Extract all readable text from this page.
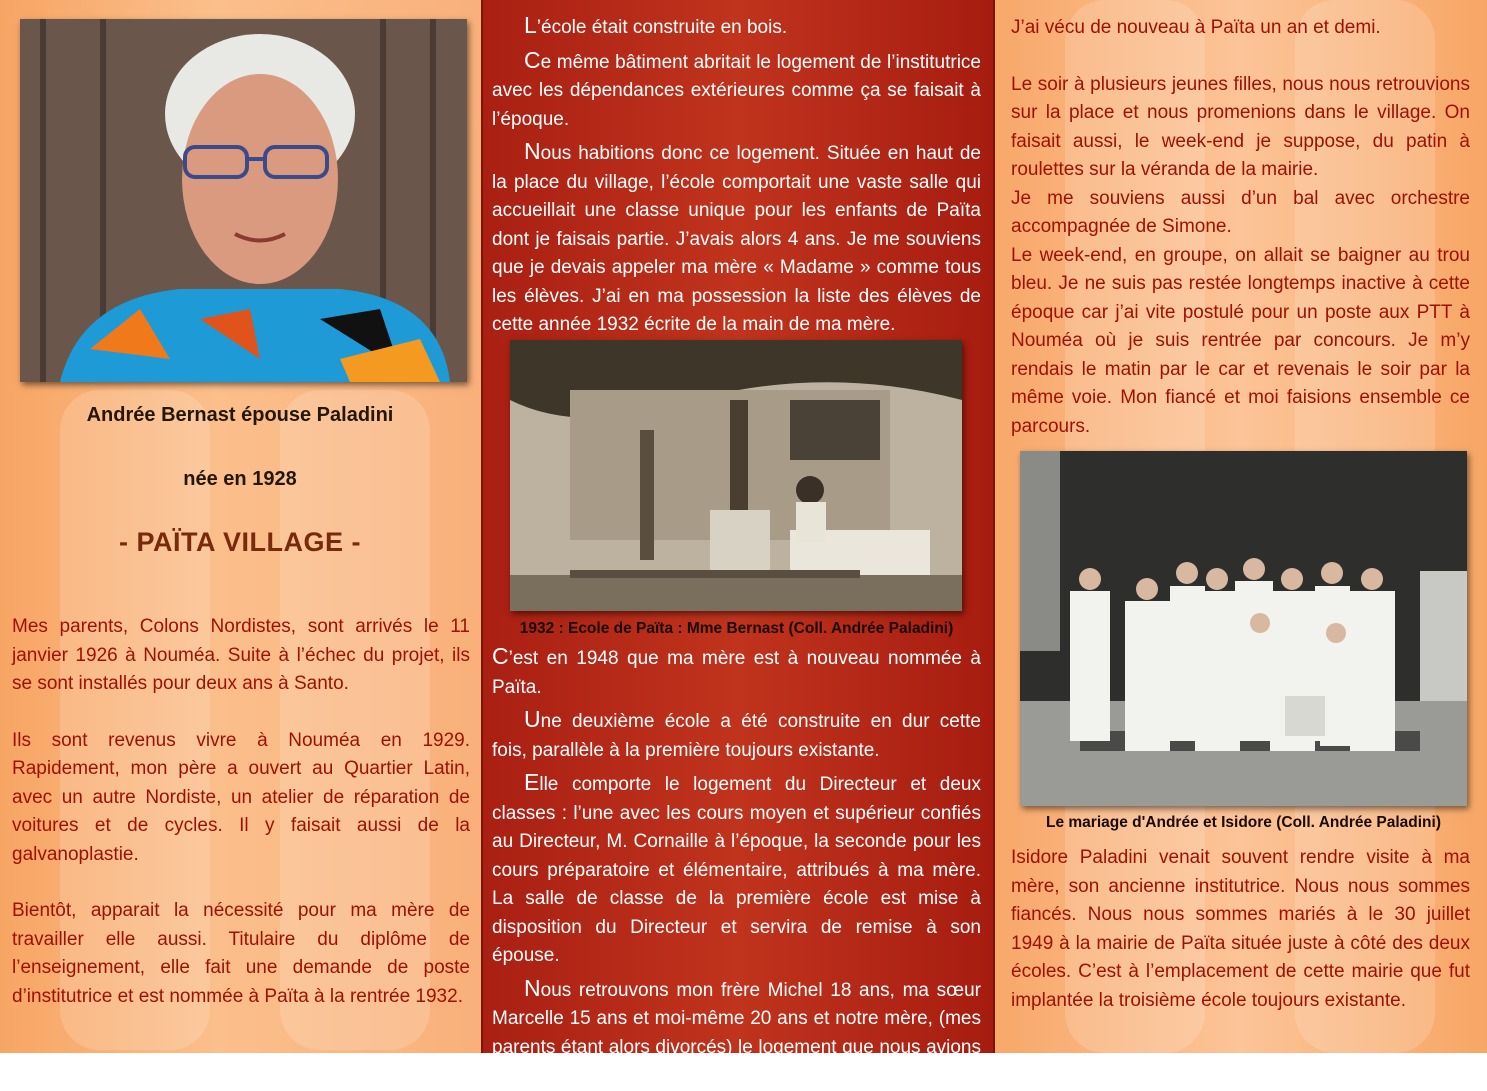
Andrée Bernast épouse Paladini
née en 1928
- PAÏTA VILLAGE -

Mes parents, Colons Nordistes, sont arrivés le 11 janvier 1926 à Nouméa. Suite à l’échec du projet, ils se sont installés pour deux ans à Santo.

Ils sont revenus vivre à Nouméa en 1929. Rapidement, mon père a ouvert au Quartier Latin, avec un autre Nordiste, un atelier de réparation de voitures et de cycles. Il y faisait aussi de la galvanoplastie.

Bientôt, apparait la nécessité pour ma mère de travailler elle aussi. Titulaire du diplôme de l’enseignement, elle fait une demande de poste d’institutrice et est nommée à Païta à la rentrée 1932.

L’école était construite en bois.

Ce même bâtiment abritait le logement de l’institutrice avec les dépendances extérieures comme ça se faisait à l’époque.

Nous habitions donc ce logement. Située en haut de la place du village, l’école comportait une vaste salle qui accueillait une classe unique pour les enfants de Païta dont je faisais partie. J’avais alors 4 ans. Je me souviens que je devais appeler ma mère « Madame » comme tous les élèves. J’ai en ma possession la liste des élèves de cette année 1932 écrite de la main de ma mère.

1932 : Ecole de Païta : Mme Bernast (Coll. Andrée Paladini)

C’est en 1948 que ma mère est à nouveau nommée à Païta.

Une deuxième école a été construite en dur cette fois, parallèle à la première toujours existante.

Elle comporte le logement du Directeur et deux classes : l’une avec les cours moyen et supérieur confiés au Directeur, M. Cornaille à l’époque, la seconde pour les cours préparatoire et élémentaire, attribués à ma mère. La salle de classe de la première école est mise à disposition du Directeur et servira de remise à son épouse.

Nous retrouvons mon frère Michel 18 ans, ma sœur Marcelle 15 ans et moi-même 20 ans et notre mère, (mes parents étant alors divorcés) le logement que nous avions occupé seize ans plus tôt.

J’ai vécu de nouveau à Païta un an et demi.

Le soir à plusieurs jeunes filles, nous nous retrouvions sur la place et nous promenions dans le village. On faisait aussi, le week-end je suppose, du patin à roulettes sur la véranda de la mairie.

Je me souviens aussi d’un bal avec orchestre accompagnée de Simone.

Le week-end, en groupe, on allait se baigner au trou bleu. Je ne suis pas restée longtemps inactive à cette époque car j’ai vite postulé pour un poste aux PTT à Nouméa où je suis rentrée par concours. Je m’y rendais le matin par le car et revenais le soir par la même voie. Mon fiancé et moi faisions ensemble ce parcours.

Le mariage d'Andrée et Isidore (Coll. Andrée Paladini)

Isidore Paladini venait souvent rendre visite à ma mère, son ancienne institutrice. Nous nous sommes fiancés. Nous nous sommes mariés à le 30 juillet 1949 à la mairie de Païta située juste à côté des deux écoles. C’est à l’emplacement de cette mairie que fut implantée la troisième école toujours existante.
